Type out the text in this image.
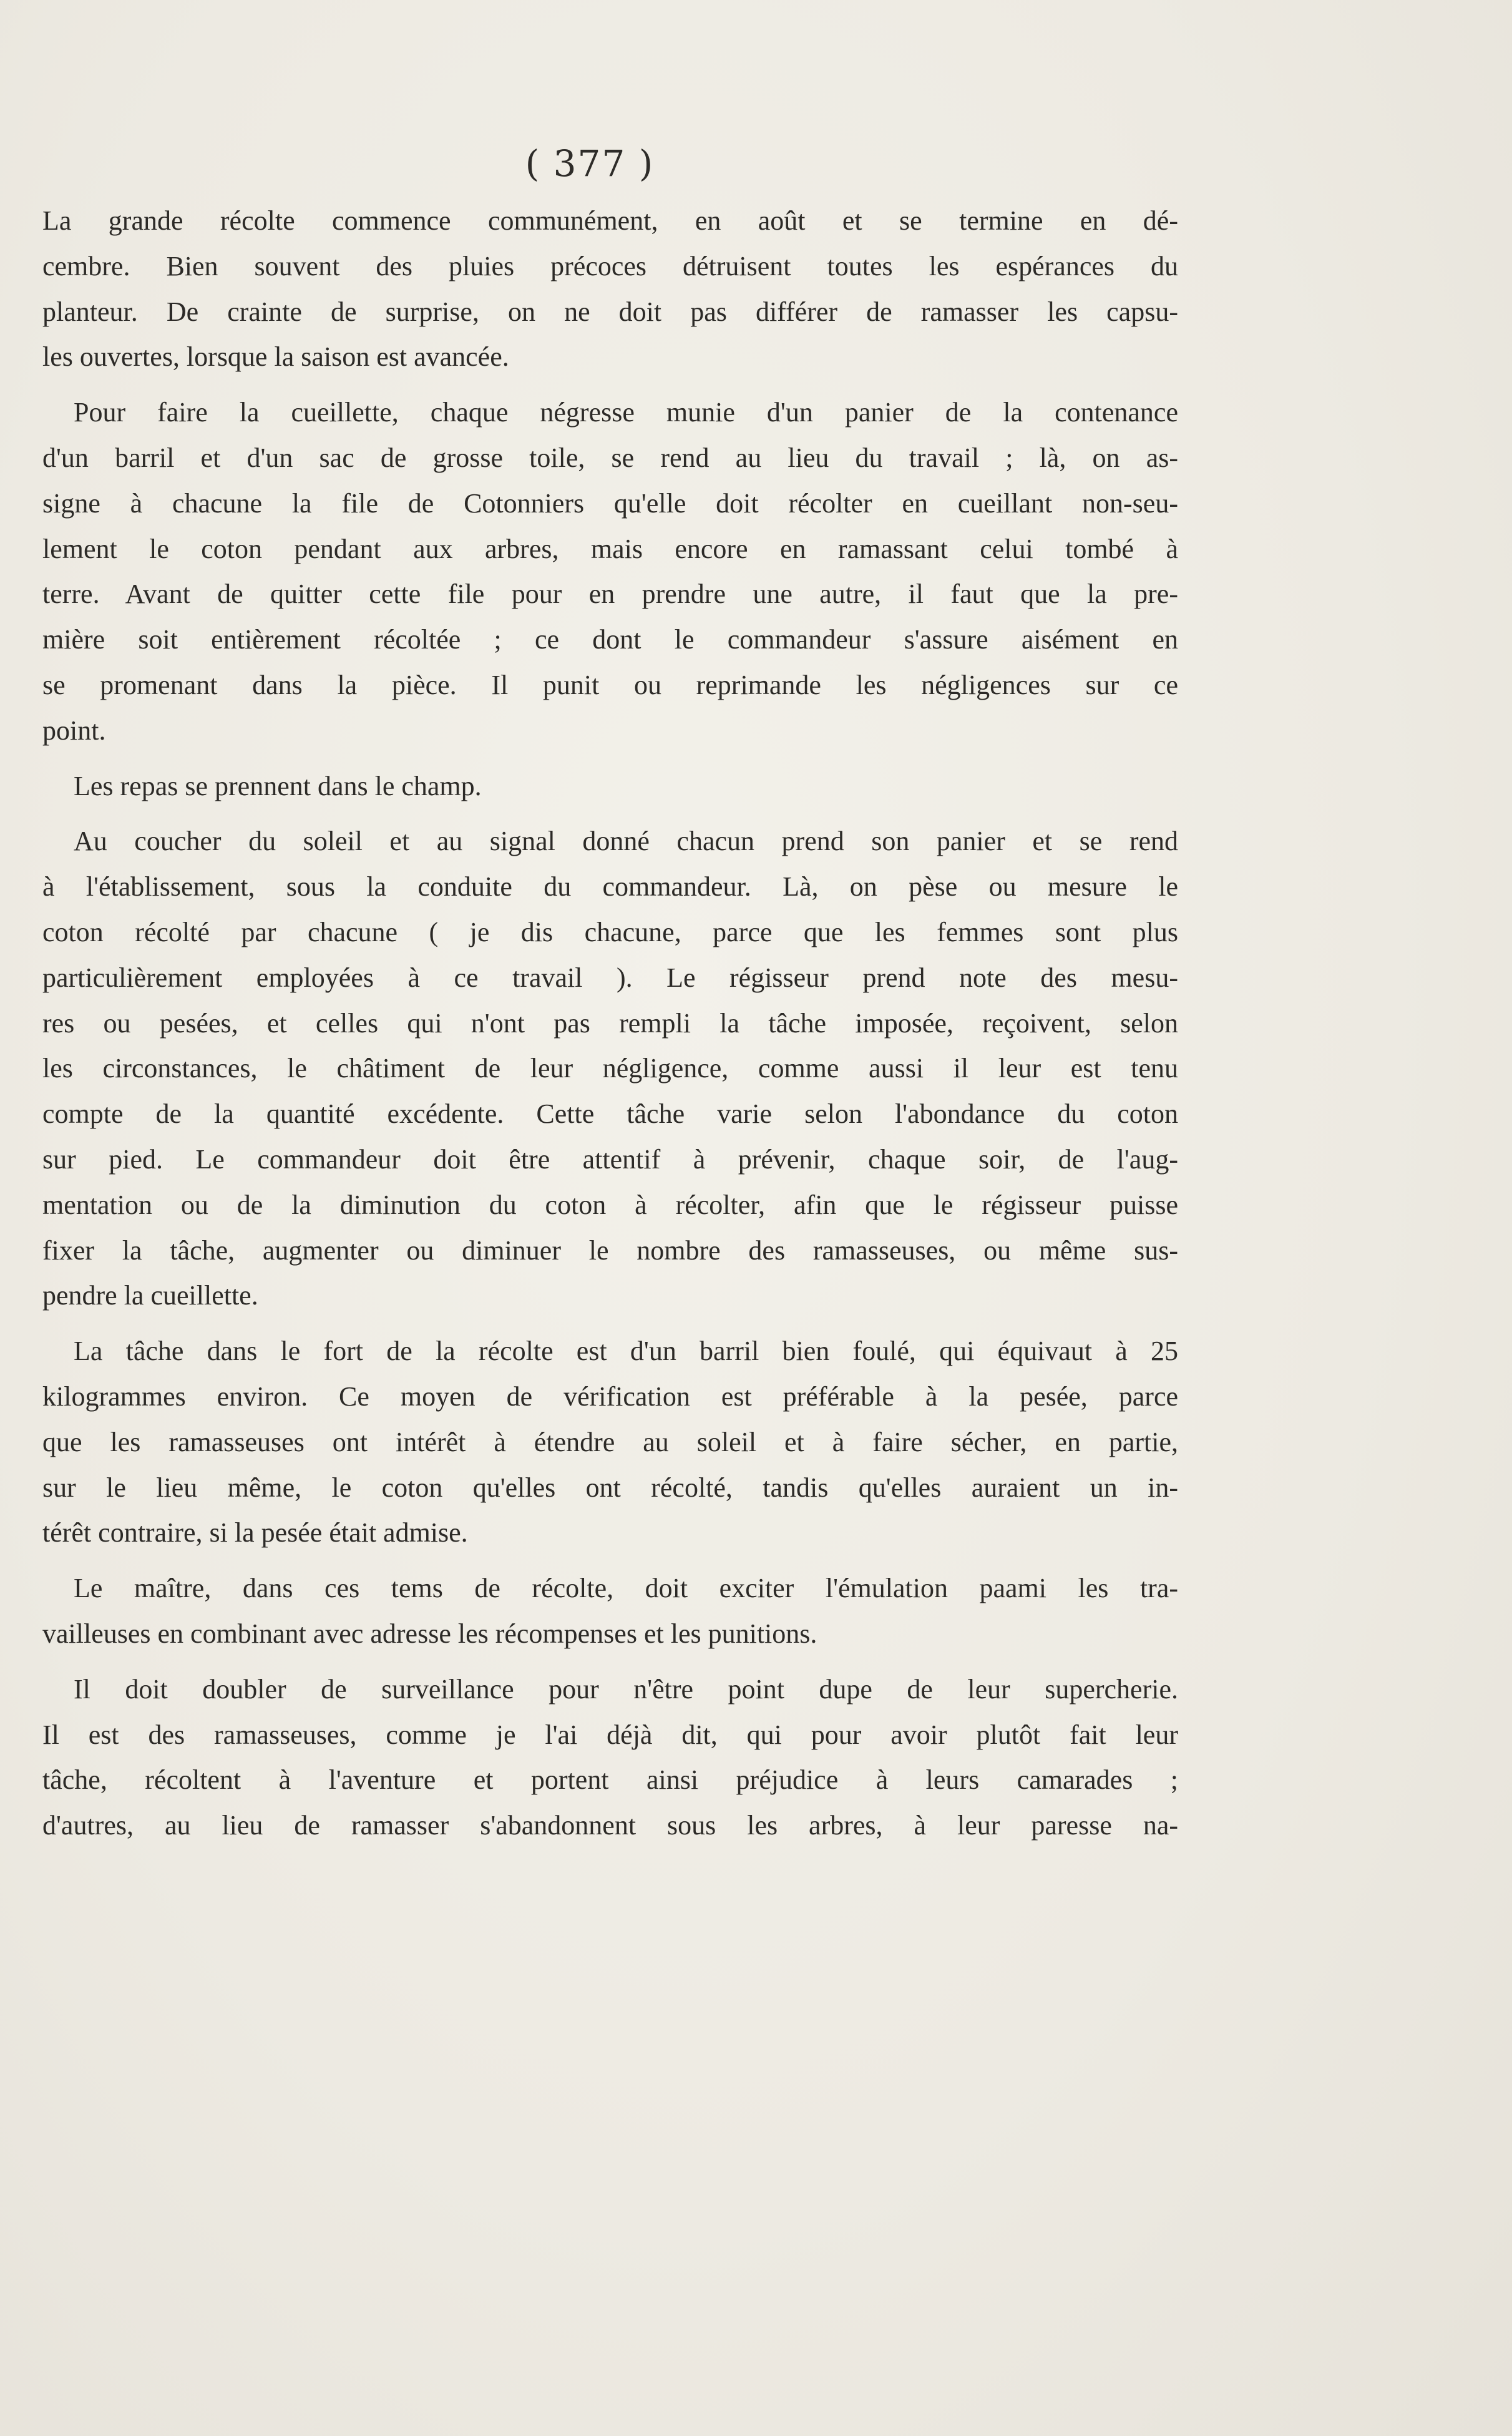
( 377 )

La grande récolte commence communément, en août et se termine en dé-
cembre. Bien souvent des pluies précoces détruisent toutes les espérances du
planteur. De crainte de surprise, on ne doit pas différer de ramasser les capsu-
les ouvertes, lorsque la saison est avancée.

Pour faire la cueillette, chaque négresse munie d'un panier de la contenance
d'un barril et d'un sac de grosse toile, se rend au lieu du travail ; là, on as-
signe à chacune la file de Cotonniers qu'elle doit récolter en cueillant non-seu-
lement le coton pendant aux arbres, mais encore en ramassant celui tombé à
terre. Avant de quitter cette file pour en prendre une autre, il faut que la pre-
mière soit entièrement récoltée ; ce dont le commandeur s'assure aisément en
se promenant dans la pièce. Il punit ou reprimande les négligences sur ce
point.

Les repas se prennent dans le champ.

Au coucher du soleil et au signal donné chacun prend son panier et se rend
à l'établissement, sous la conduite du commandeur. Là, on pèse ou mesure le
coton récolté par chacune ( je dis chacune, parce que les femmes sont plus
particulièrement employées à ce travail ). Le régisseur prend note des mesu-
res ou pesées, et celles qui n'ont pas rempli la tâche imposée, reçoivent, selon
les circonstances, le châtiment de leur négligence, comme aussi il leur est tenu
compte de la quantité excédente. Cette tâche varie selon l'abondance du coton
sur pied. Le commandeur doit être attentif à prévenir, chaque soir, de l'aug-
mentation ou de la diminution du coton à récolter, afin que le régisseur puisse
fixer la tâche, augmenter ou diminuer le nombre des ramasseuses, ou même sus-
pendre la cueillette.

La tâche dans le fort de la récolte est d'un barril bien foulé, qui équivaut à 25
kilogrammes environ. Ce moyen de vérification est préférable à la pesée, parce
que les ramasseuses ont intérêt à étendre au soleil et à faire sécher, en partie,
sur le lieu même, le coton qu'elles ont récolté, tandis qu'elles auraient un in-
térêt contraire, si la pesée était admise.

Le maître, dans ces tems de récolte, doit exciter l'émulation paami les tra-
vailleuses en combinant avec adresse les récompenses et les punitions.

Il doit doubler de surveillance pour n'être point dupe de leur supercherie.
Il est des ramasseuses, comme je l'ai déjà dit, qui pour avoir plutôt fait leur
tâche, récoltent à l'aventure et portent ainsi préjudice à leurs camarades ;
d'autres, au lieu de ramasser s'abandonnent sous les arbres, à leur paresse na-
